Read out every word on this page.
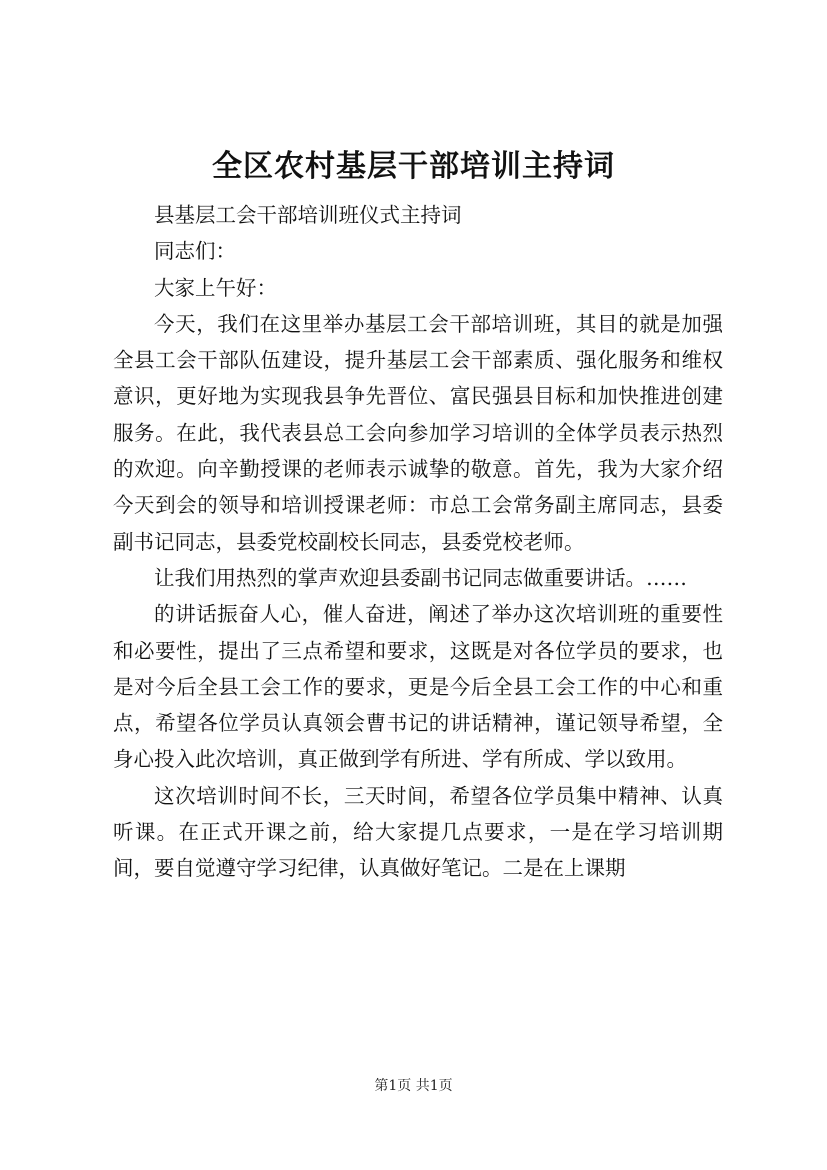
全区农村基层干部培训主持词

县基层工会干部培训班仪式主持词

同志们：

大家上午好：

今天，我们在这里举办基层工会干部培训班，其目的就是加强全县工会干部队伍建设，提升基层工会干部素质、强化服务和维权意识，更好地为实现我县争先晋位、富民强县目标和加快推进创建服务。在此，我代表县总工会向参加学习培训的全体学员表示热烈的欢迎。向辛勤授课的老师表示诚挚的敬意。首先，我为大家介绍今天到会的领导和培训授课老师：市总工会常务副主席同志，县委副书记同志，县委党校副校长同志，县委党校老师。

让我们用热烈的掌声欢迎县委副书记同志做重要讲话。……

的讲话振奋人心，催人奋进，阐述了举办这次培训班的重要性和必要性，提出了三点希望和要求，这既是对各位学员的要求，也是对今后全县工会工作的要求，更是今后全县工会工作的中心和重点，希望各位学员认真领会曹书记的讲话精神，谨记领导希望，全身心投入此次培训，真正做到学有所进、学有所成、学以致用。

这次培训时间不长，三天时间，希望各位学员集中精神、认真听课。在正式开课之前，给大家提几点要求，一是在学习培训期间，要自觉遵守学习纪律，认真做好笔记。二是在上课期

第1页 共1页
